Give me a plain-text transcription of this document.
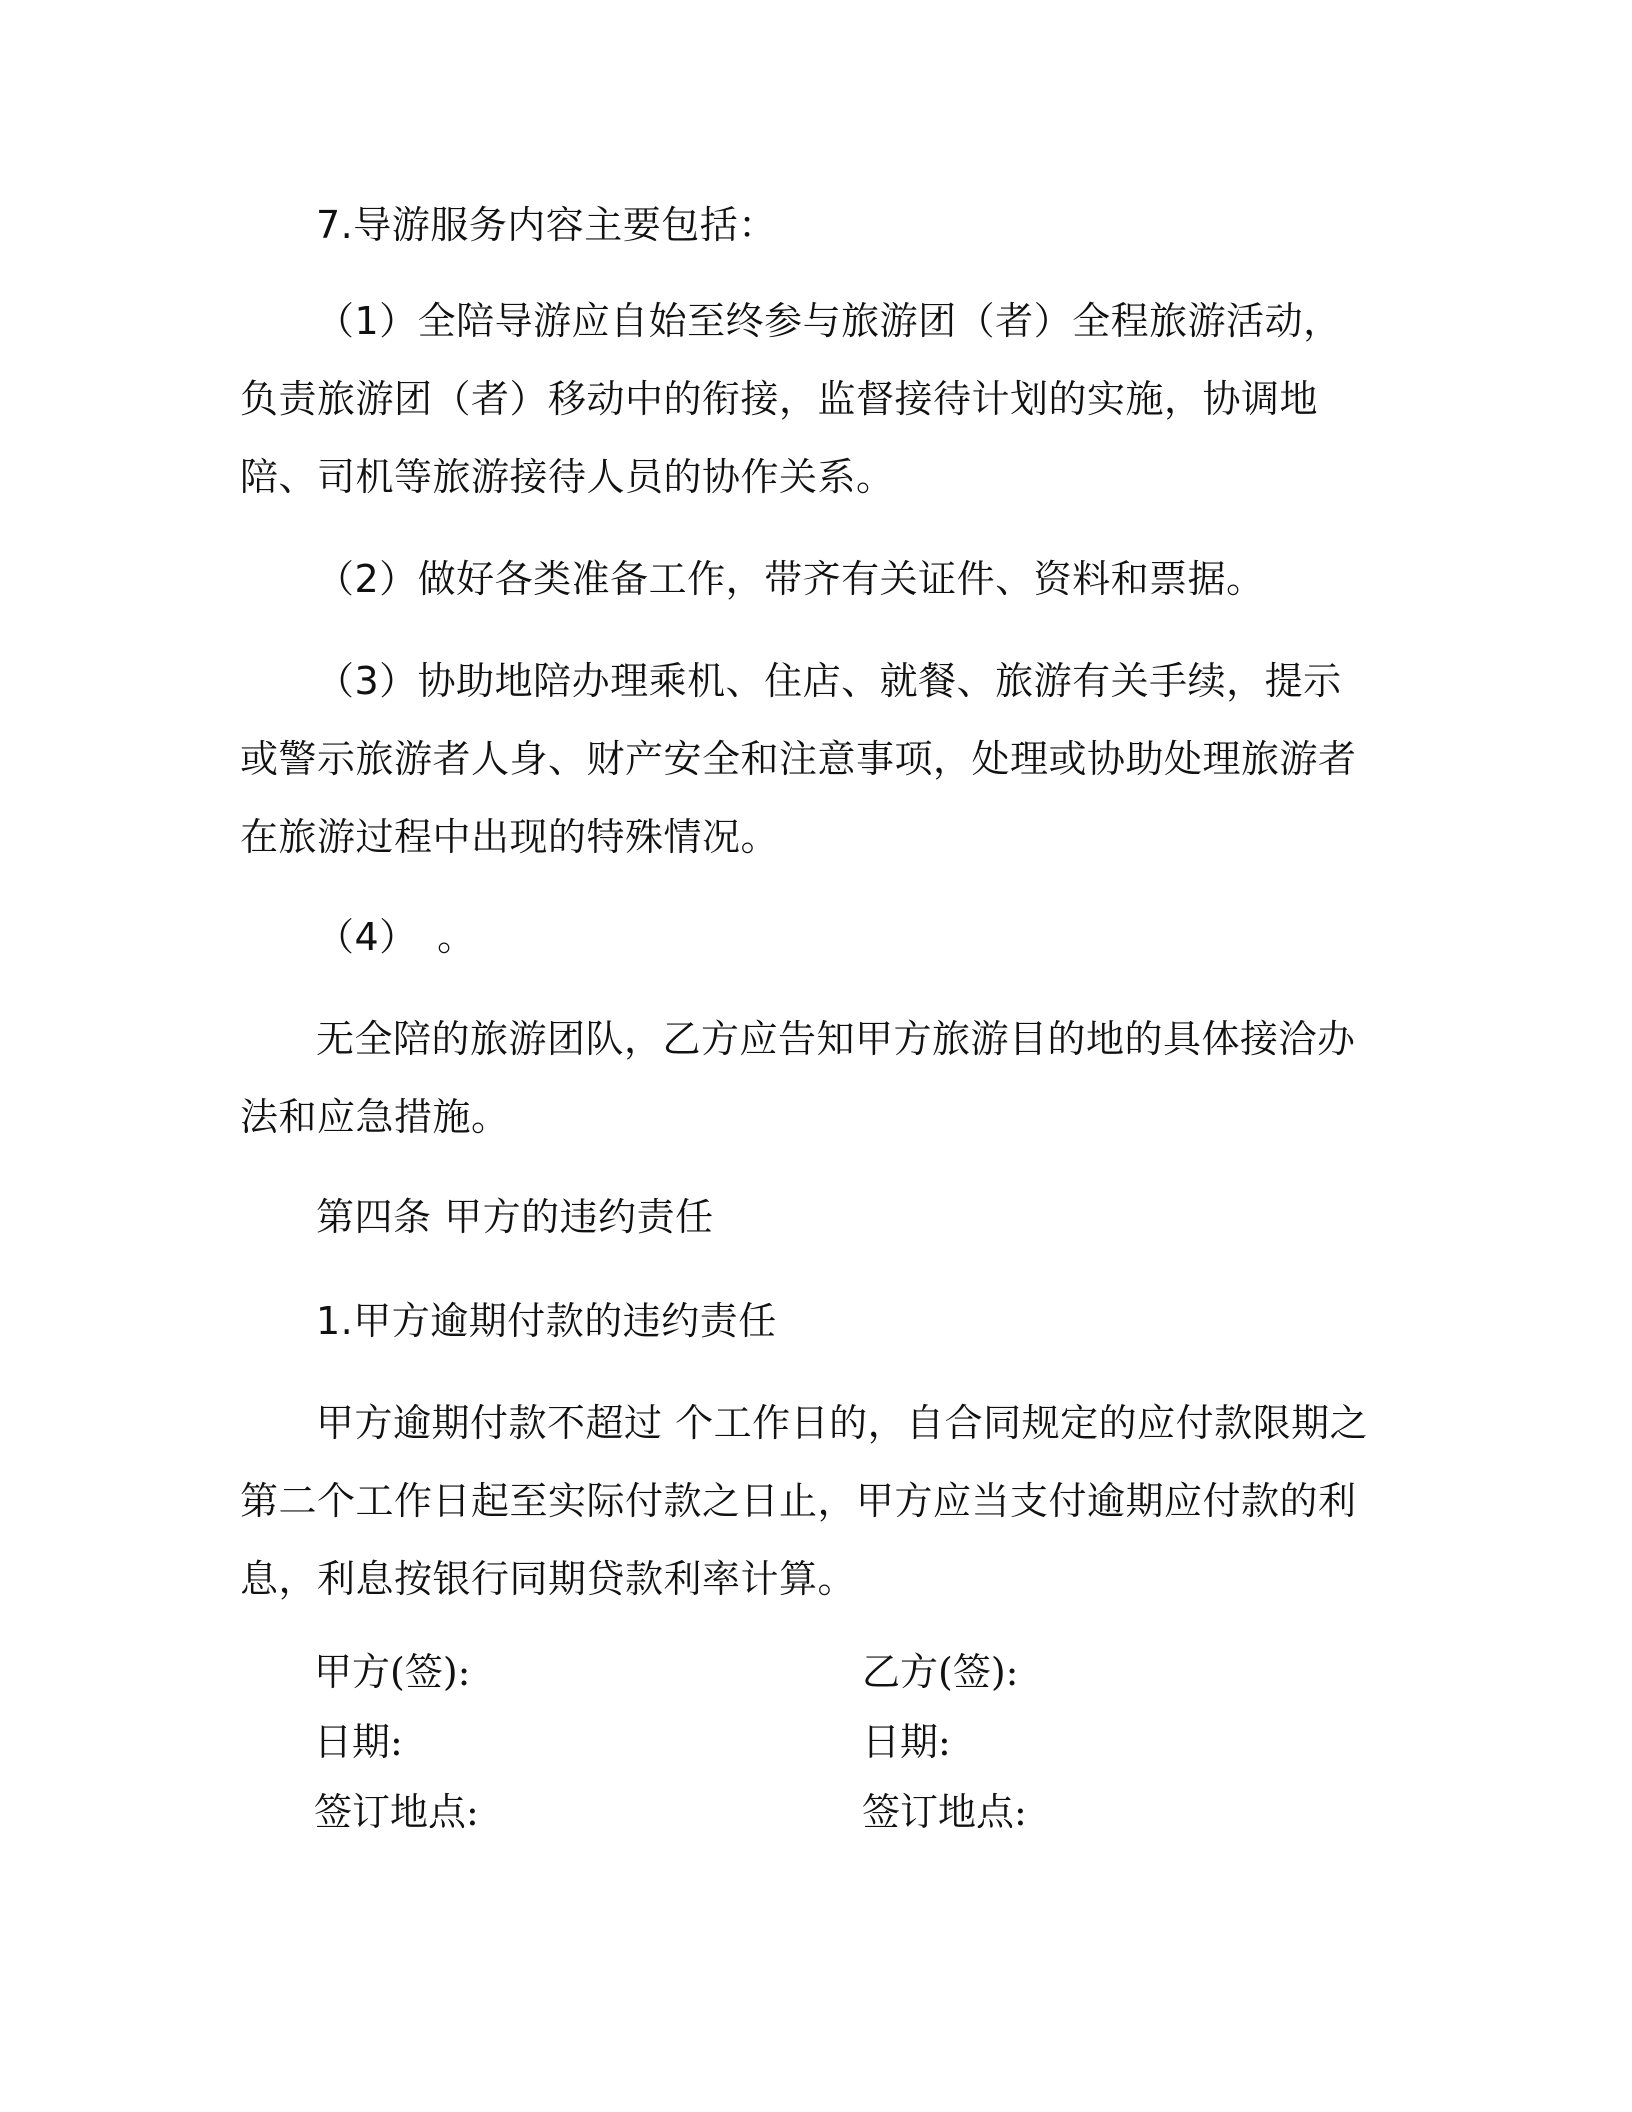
7.导游服务内容主要包括：

（1）全陪导游应自始至终参与旅游团（者）全程旅游活动，负责旅游团（者）移动中的衔接，监督接待计划的实施，协调地陪、司机等旅游接待人员的协作关系。

（2）做好各类准备工作，带齐有关证件、资料和票据。

（3）协助地陪办理乘机、住店、就餐、旅游有关手续，提示或警示旅游者人身、财产安全和注意事项，处理或协助处理旅游者在旅游过程中出现的特殊情况。

（4）　。

无全陪的旅游团队，乙方应告知甲方旅游目的地的具体接洽办法和应急措施。

第四条 甲方的违约责任

1.甲方逾期付款的违约责任

甲方逾期付款不超过 个工作日的，自合同规定的应付款限期之第二个工作日起至实际付款之日止，甲方应当支付逾期应付款的利息，利息按银行同期贷款利率计算。

甲方(签):	乙方(签):

日期:	日期:

签订地点:	签订地点:
